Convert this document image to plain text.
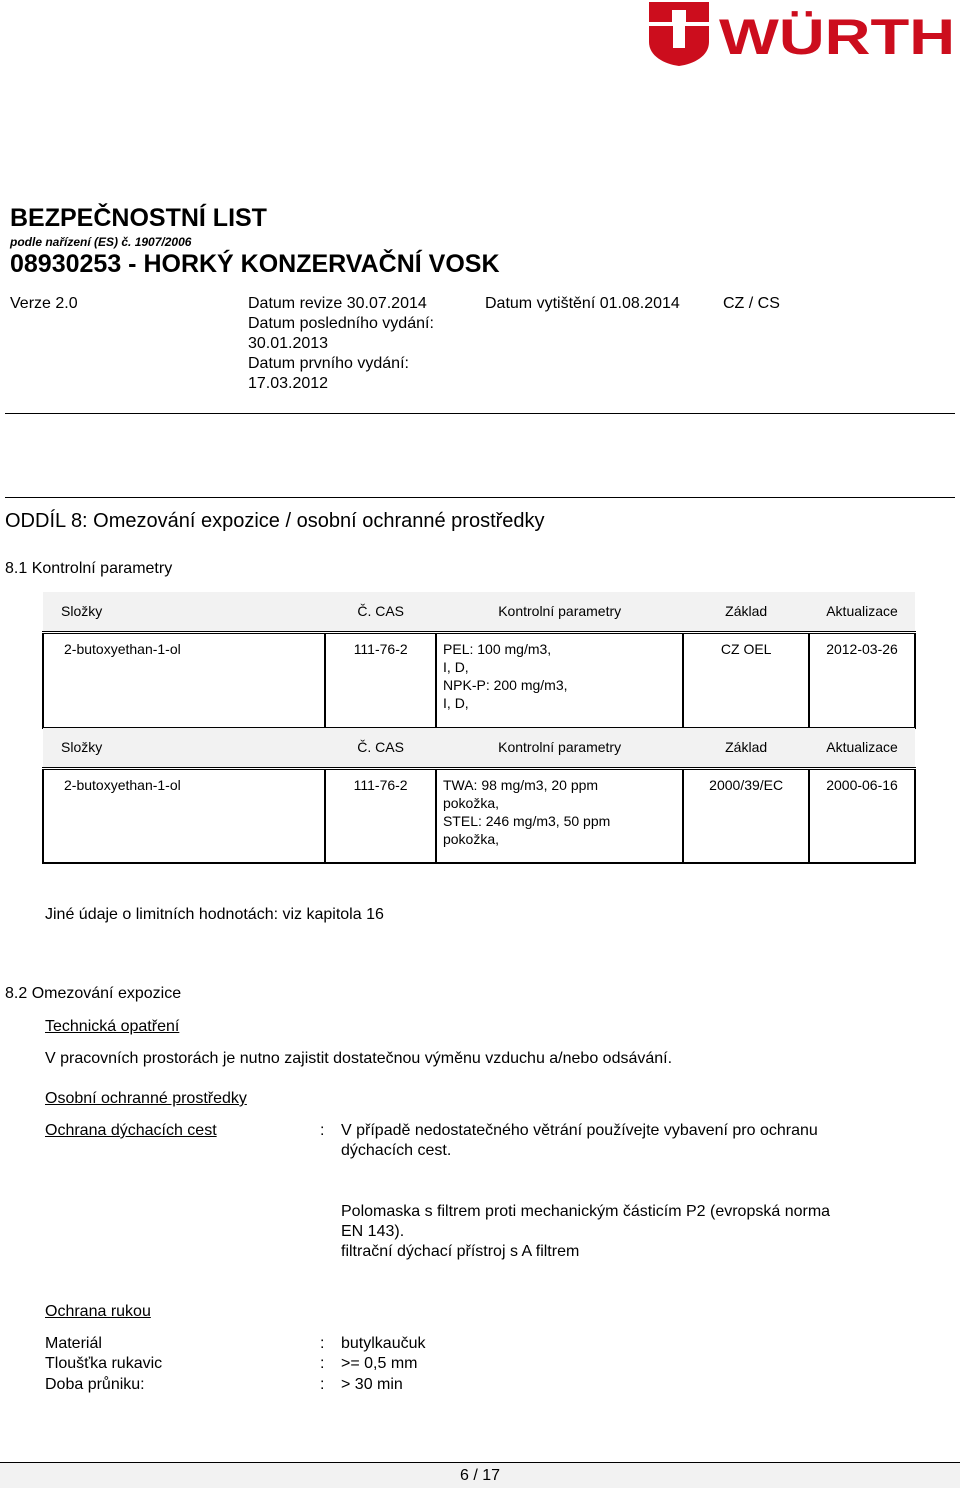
WÜRTH
BEZPEČNOSTNÍ LIST
podle nařízení (ES) č. 1907/2006
08930253 - HORKÝ KONZERVAČNÍ VOSK
Verze 2.0	Datum revize 30.07.2014
Datum posledního vydání:
30.01.2013
Datum prvního vydání:
17.03.2012
Datum vytištění 01.08.2014	CZ / CS
ODDÍL 8: Omezování expozice / osobní ochranné prostředky
8.1 Kontrolní parametry
Složky	Č. CAS	Kontrolní parametry	Základ	Aktualizace
2-butoxyethan-1-ol	111-76-2	PEL: 100 mg/m3,
I, D,
NPK-P: 200 mg/m3,
I, D,	CZ OEL	2012-03-26
Složky	Č. CAS	Kontrolní parametry	Základ	Aktualizace
2-butoxyethan-1-ol	111-76-2	TWA: 98 mg/m3, 20 ppm
pokožka,
STEL: 246 mg/m3, 50 ppm
pokožka,	2000/39/EC	2000-06-16
Jiné údaje o limitních hodnotách: viz kapitola 16
8.2 Omezování expozice
Technická opatření
V pracovních prostorách je nutno zajistit dostatečnou výměnu vzduchu a/nebo odsávání.
Osobní ochranné prostředky
Ochrana dýchacích cest	: V případě nedostatečného větrání používejte vybavení pro ochranu
dýchacích cest.
Polomaska s filtrem proti mechanickým částicím P2 (evropská norma
EN 143).
filtrační dýchací přístroj s A filtrem
Ochrana rukou
Materiál	: butylkaučuk
Tloušťka rukavic	: >= 0,5 mm
Doba průniku:	: > 30 min
6 / 17
